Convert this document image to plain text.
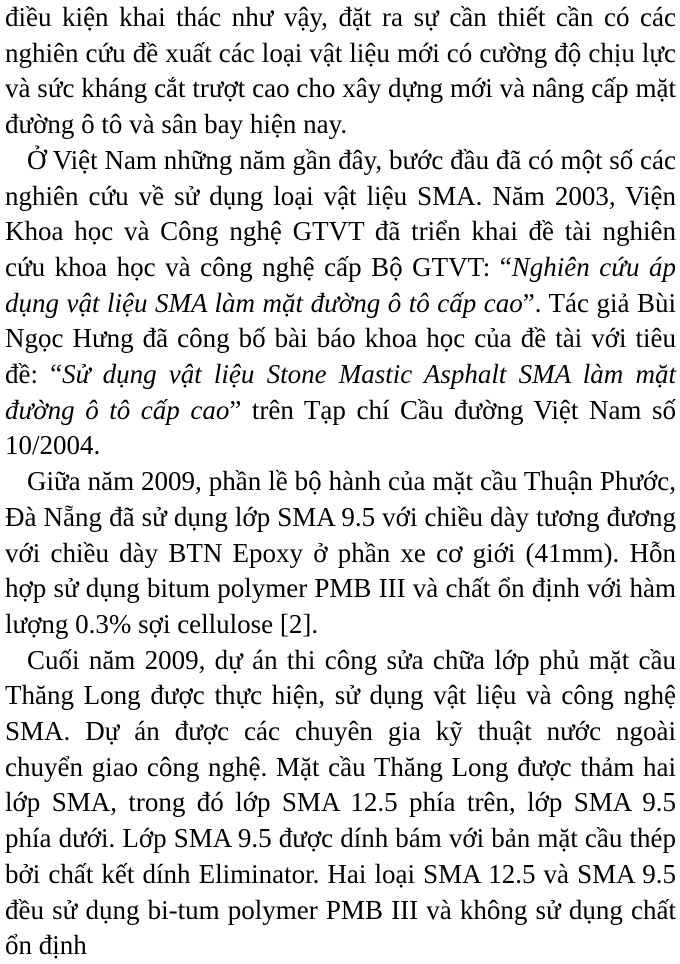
điều kiện khai thác như vậy, đặt ra sự cần thiết cần có các nghiên cứu đề xuất các loại vật liệu mới có cường độ chịu lực và sức kháng cắt trượt cao cho xây dựng mới và nâng cấp mặt đường ô tô và sân bay hiện nay.

Ở Việt Nam những năm gần đây, bước đầu đã có một số các nghiên cứu về sử dụng loại vật liệu SMA. Năm 2003, Viện Khoa học và Công nghệ GTVT đã triển khai đề tài nghiên cứu khoa học và công nghệ cấp Bộ GTVT: “Nghiên cứu áp dụng vật liệu SMA làm mặt đường ô tô cấp cao”. Tác giả Bùi Ngọc Hưng đã công bố bài báo khoa học của đề tài với tiêu đề: “Sử dụng vật liệu Stone Mastic Asphalt SMA làm mặt đường ô tô cấp cao” trên Tạp chí Cầu đường Việt Nam số 10/2004.

Giữa năm 2009, phần lề bộ hành của mặt cầu Thuận Phước, Đà Nẵng đã sử dụng lớp SMA 9.5 với chiều dày tương đương với chiều dày BTN Epoxy ở phần xe cơ giới (41mm). Hỗn hợp sử dụng bitum polymer PMB III và chất ổn định với hàm lượng 0.3% sợi cellulose [2].

Cuối năm 2009, dự án thi công sửa chữa lớp phủ mặt cầu Thăng Long được thực hiện, sử dụng vật liệu và công nghệ SMA. Dự án được các chuyên gia kỹ thuật nước ngoài chuyển giao công nghệ. Mặt cầu Thăng Long được thảm hai lớp SMA, trong đó lớp SMA 12.5 phía trên, lớp SMA 9.5 phía dưới. Lớp SMA 9.5 được dính bám với bản mặt cầu thép bởi chất kết dính Eliminator. Hai loại SMA 12.5 và SMA 9.5 đều sử dụng bi-tum polymer PMB III và không sử dụng chất ổn định
